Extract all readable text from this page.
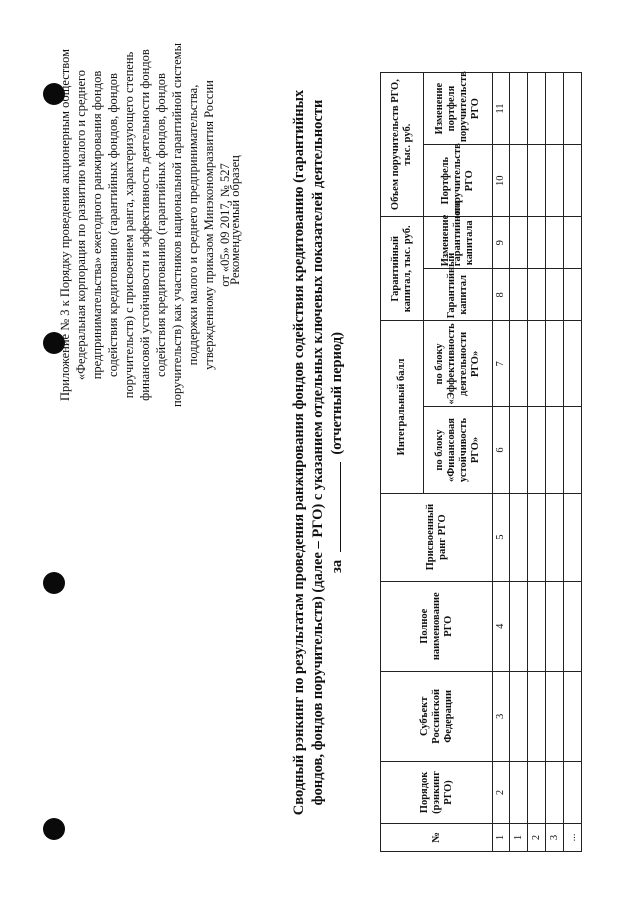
Приложение № 3 к Порядку проведения акционерным обществом «Федеральная корпорация по развитию малого и среднего предпринимательства» ежегодного ранжирования фондов содействия кредитованию (гарантийных фондов, фондов поручительств) с присвоением ранга, характеризующего степень финансовой устойчивости и эффективность деятельности фондов содействия кредитованию (гарантийных фондов, фондов поручительств) как участников национальной гарантийной системы поддержки малого и среднего предпринимательства, утвержденному приказом Минэкономразвития России от «05» 09 2017, № 527
Рекомендуемый образец	Сводный рэнкинг по результатам проведения ранжирования фондов содействия кредитованию (гарантийных фондов, фондов поручительств) (далее – РГО) с указанием отдельных ключевых показателей деятельности за  (отчетный период)
№	Порядок (рэнкинг РГО)	Субъект Российской Федерации	Полное наименование РГО	Присвоенный ранг РГО	Интегральный балл		Гарантийный капитал, тыс. руб.		Объем поручительств РГО, тыс. руб.	
					по блоку «Финансовая устойчивость РГО»	по блоку «Эффективность деятельности РГО»	Гарантийный капитал	Изменение гарантийного капитала	Портфель поручительств РГО	Изменение портфеля поручительств РГО
1	2	3	4	5	6	7	8	9	10	11
1										
2										
3										
...										
